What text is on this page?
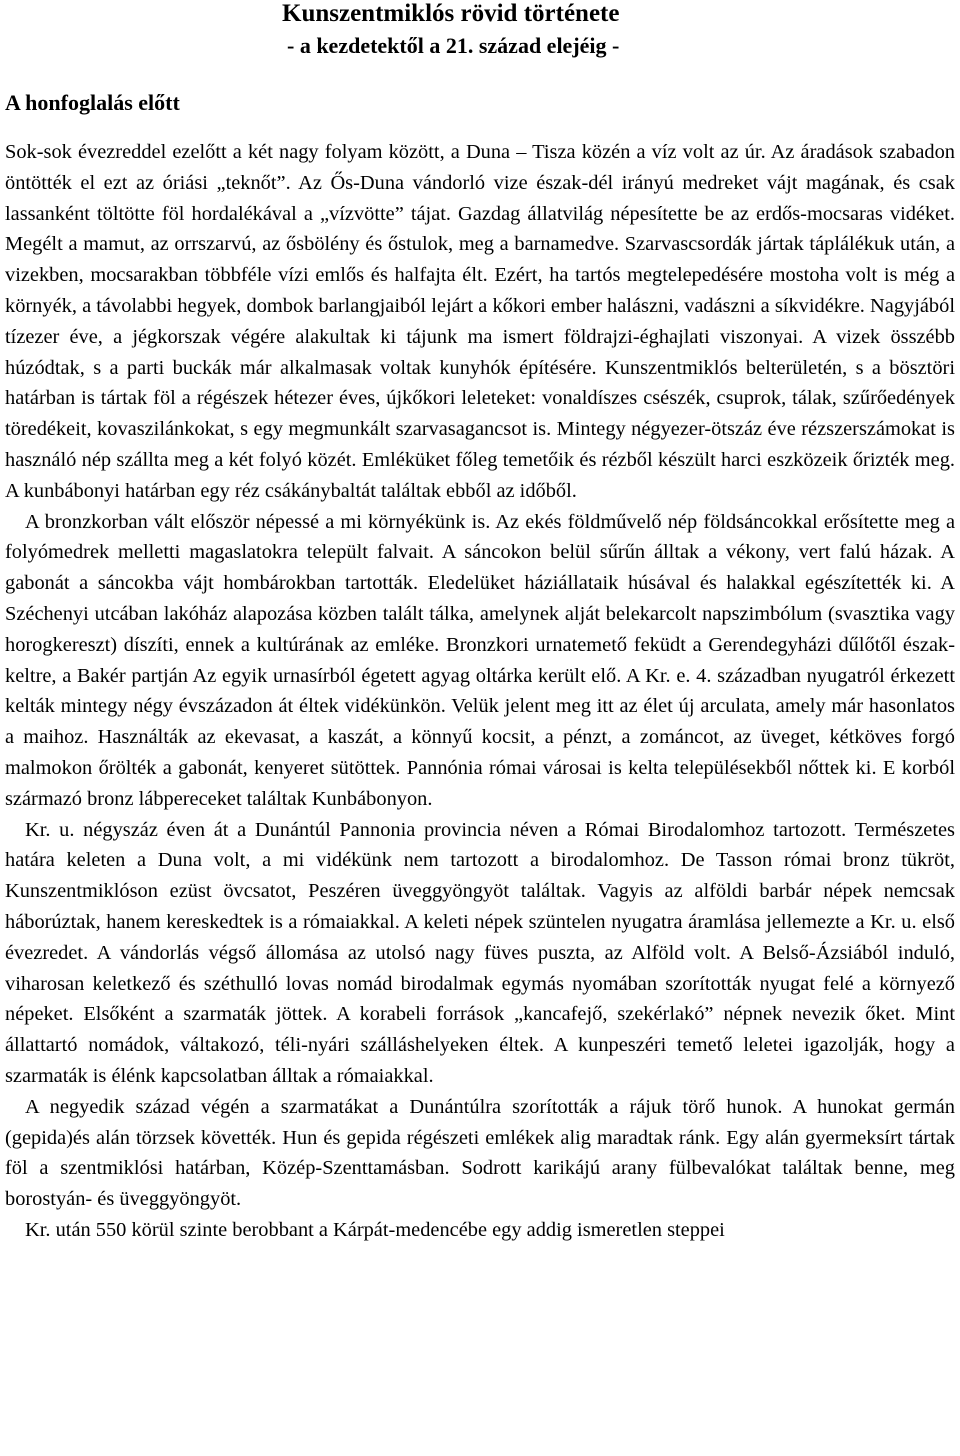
Kunszentmiklós rövid története
- a kezdetektől a 21. század elejéig -
A honfoglalás előtt

Sok-sok évezreddel ezelőtt a két nagy folyam között, a Duna – Tisza közén a víz volt az úr. Az áradások szabadon öntötték el ezt az óriási „teknőt”. Az Ős-Duna vándorló vize észak-dél irányú medreket vájt magának, és csak lassanként töltötte föl hordalékával a „vízvötte” tájat. Gazdag állatvilág népesítette be az erdős-mocsaras vidéket. Megélt a mamut, az orrszarvú, az ősbölény és őstulok, meg a barnamedve. Szarvascsordák jártak táplálékuk után, a vizekben, mocsarakban többféle vízi emlős és halfajta élt. Ezért, ha tartós megtelepedésére mostoha volt is még a környék, a távolabbi hegyek, dombok barlangjaiból lejárt a kőkori ember halászni, vadászni a síkvidékre. Nagyjából tízezer éve, a jégkorszak végére alakultak ki tájunk ma ismert földrajzi-éghajlati viszonyai. A vizek összébb húzódtak, s a parti buckák már alkalmasak voltak kunyhók építésére. Kunszentmiklós belterületén, s a bösztöri határban is tártak föl a régészek hétezer éves, újkőkori leleteket: vonaldíszes csészék, csuprok, tálak, szűrőedények töredékeit, kovaszilánkokat, s egy megmunkált szarvasagancsot is. Mintegy négyezer-ötszáz éve rézszerszámokat is használó nép szállta meg a két folyó közét. Emléküket főleg temetőik és rézből készült harci eszközeik őrizték meg. A kunbábonyi határban egy réz csákánybaltát találtak ebből az időből.

A bronzkorban vált először népessé a mi környékünk is. Az ekés földművelő nép földsáncokkal erősítette meg a folyómedrek melletti magaslatokra települt falvait. A sáncokon belül sűrűn álltak a vékony, vert falú házak. A gabonát a sáncokba vájt hombárokban tartották. Eledelüket háziállataik húsával és halakkal egészítették ki. A Széchenyi utcában lakóház alapozása közben talált tálka, amelynek alját belekarcolt napszimbólum (svasztika vagy horogkereszt) díszíti, ennek a kultúrának az emléke. Bronzkori urnatemető feküdt a Gerendegyházi dűlőtől észak-keltre, a Bakér partján Az egyik urnasírból égetett agyag oltárka került elő. A Kr. e. 4. században nyugatról érkezett kelták mintegy négy évszázadon át éltek vidékünkön. Velük jelent meg itt az élet új arculata, amely már hasonlatos a maihoz. Használták az ekevasat, a kaszát, a könnyű kocsit, a pénzt, a zománcot, az üveget, kétköves forgó malmokon őrölték a gabonát, kenyeret sütöttek. Pannónia római városai is kelta településekből nőttek ki. E korból származó bronz lábpereceket találtak Kunbábonyon.

Kr. u. négyszáz éven át a Dunántúl Pannonia provincia néven a Római Birodalomhoz tartozott. Természetes határa keleten a Duna volt, a mi vidékünk nem tartozott a birodalomhoz. De Tasson római bronz tükröt, Kunszentmiklóson ezüst övcsatot, Peszéren üveggyöngyöt találtak. Vagyis az alföldi barbár népek nemcsak háborúztak, hanem kereskedtek is a rómaiakkal. A keleti népek szüntelen nyugatra áramlása jellemezte a Kr. u. első évezredet. A vándorlás végső állomása az utolsó nagy füves puszta, az Alföld volt. A Belső-Ázsiából induló, viharosan keletkező és széthulló lovas nomád birodalmak egymás nyomában szorították nyugat felé a környező népeket. Elsőként a szarmaták jöttek. A korabeli források „kancafejő, szekérlakó” népnek nevezik őket. Mint állattartó nomádok, váltakozó, téli-nyári szálláshelyeken éltek. A kunpeszéri temető leletei igazolják, hogy a szarmaták is élénk kapcsolatban álltak a rómaiakkal.

A negyedik század végén a szarmatákat a Dunántúlra szorították a rájuk törő hunok. A hunokat germán (gepida)és alán törzsek követték. Hun és gepida régészeti emlékek alig maradtak ránk. Egy alán gyermeksírt tártak föl a szentmiklósi határban, Közép-Szenttamásban. Sodrott karikájú arany fülbevalókat találtak benne, meg borostyán- és üveggyöngyöt.

Kr. után 550 körül szinte berobbant a Kárpát-medencébe egy addig ismeretlen steppei
